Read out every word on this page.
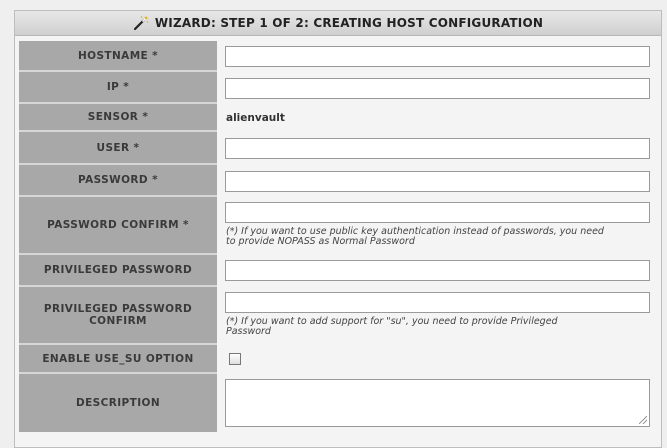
WIZARD: STEP 1 OF 2: CREATING HOST CONFIGURATION
HOSTNAME *
IP *
SENSOR *	alienvault
USER *
PASSWORD *
PASSWORD CONFIRM *
(*) If you want to use public key authentication instead of passwords, you need
to provide NOPASS as Normal Password
PRIVILEGED PASSWORD
PRIVILEGED PASSWORD CONFIRM	(*) If you want to add support for "su", you need to provide Privileged
Password
ENABLE USE_SU OPTION
DESCRIPTION
